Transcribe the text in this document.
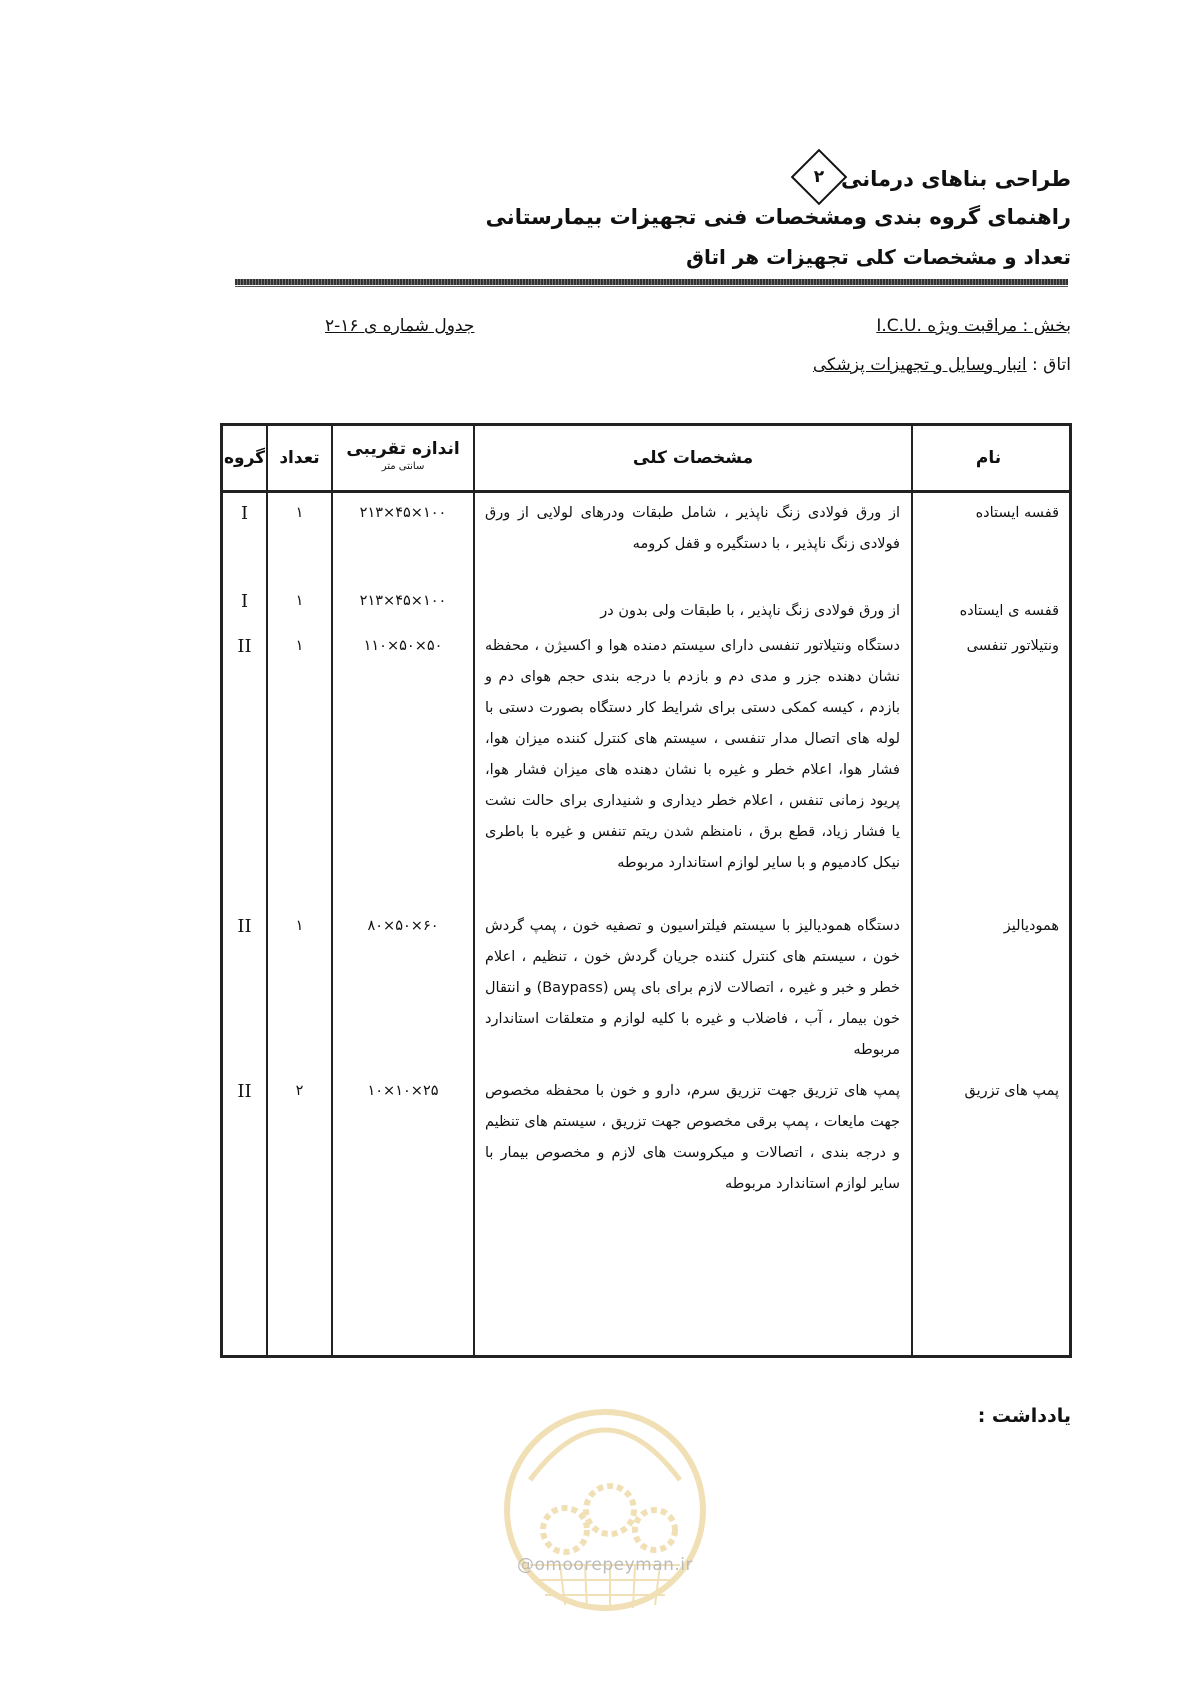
طراحی بناهای درمانی
۲
راهنمای گروه بندی ومشخصات فنی تجهیزات بیمارستانی
تعداد و مشخصات کلی تجهیزات هر اتاق
بخش : مراقبت ویژه .I.C.U
اتاق : انبار وسایل و تجهیزات پزشکی
جدول شماره ی ۱۶-۲
نام
مشخصات کلی
اندازه تقریبی
سانتی متر
تعداد
گروه
قفسه ایستاده
از ورق فولادی زنگ نا‌پذیر ، شامل طبقات ودرهای لولایی از ورق فولادی زنگ ناپذیر ، با دستگیره و قفل کرومه
۱۰۰×۴۵×۲۱۳
۱
I
قفسه ی ایستاده
از ورق فولادی زنگ ناپذیر ، با طبقات ولی بدون در
۱۰۰×۴۵×۲۱۳
۱
I
ونتیلاتور تنفسی
دستگاه ونتیلاتور تنفسی دارای سیستم دمنده هوا و اکسیژن ، محفظه نشان دهنده جزر و مدی دم و بازدم با درجه بندی حجم هوای دم و بازدم ، کیسه کمکی دستی برای شرایط کار دستگاه بصورت دستی با لوله های اتصال مدار تنفسی ، سیستم های کنترل کننده میزان هوا، فشار هوا، اعلام خطر و غیره با نشان دهنده های میزان فشار هوا، پریود زمانی تنفس ، اعلام خطر دیداری و شنیداری برای حالت نشت یا فشار زیاد، قطع برق ، نامنظم شدن ریتم تنفس و غیره با باطری نیکل کادمیوم و با سایر لوازم استاندارد مربوطه
۵۰×۵۰×۱۱۰
۱
II
همودیالیز
دستگاه همودیالیز با سیستم فیلتراسیون و تصفیه خون ، پمپ گردش خون ، سیستم های کنترل کننده جریان گردش خون ، تنظیم ، اعلام خطر و خبر و غیره ، اتصالات لازم برای بای پس (Baypass) و انتقال خون بیمار ، آب ، فاضلاب و غیره با کلیه لوازم و متعلقات استاندارد مربوطه
۶۰×۵۰×۸۰
۱
II
پمپ های تزریق
پمپ های تزریق جهت تزریق سرم، دارو و خون با محفظه مخصوص جهت مایعات ، پمپ برقی مخصوص جهت تزریق ، سیستم های تنظیم و درجه بندی ، اتصالات و میکروست های لازم و مخصوص بیمار با سایر لوازم استاندارد مربوطه
۲۵×۱۰×۱۰
۲
II
یادداشت :
@omoorepeyman.ir
